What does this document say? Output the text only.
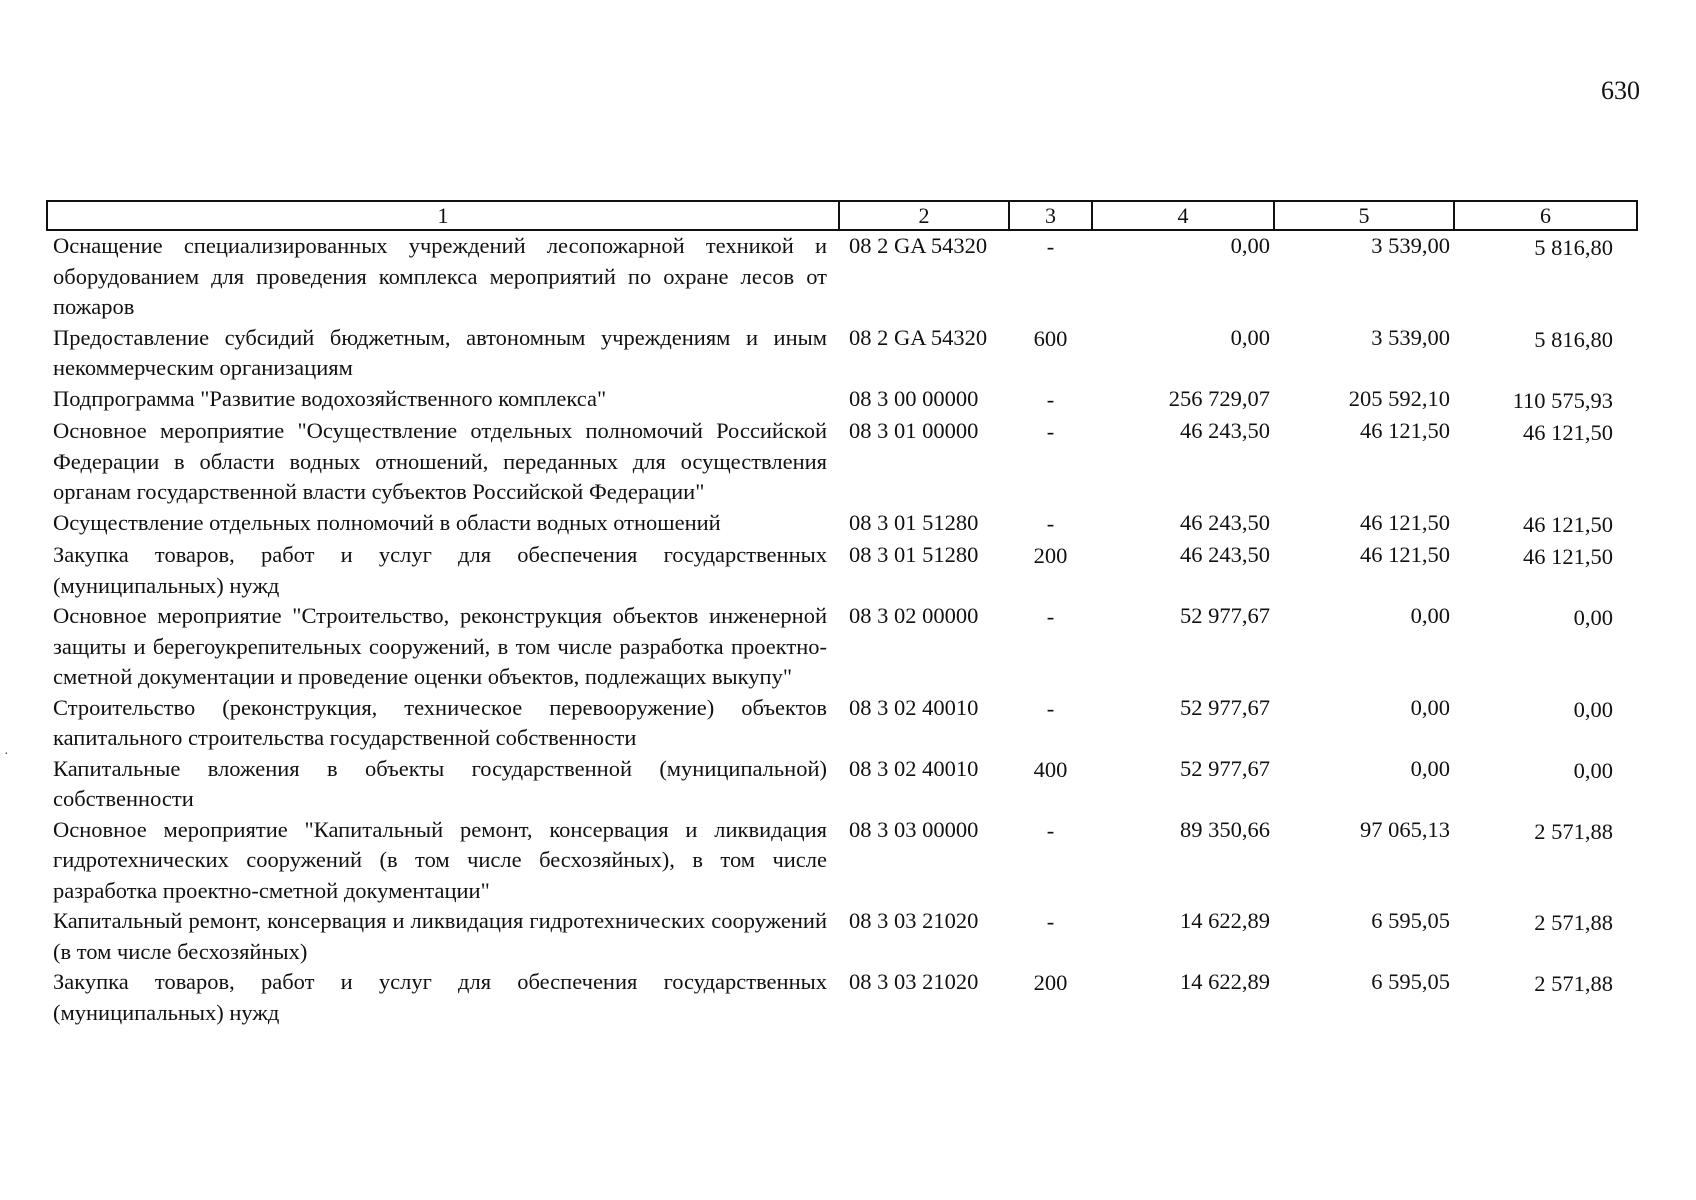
630
1	2	3	4	5	6
Оснащение специализированных учреждений лесопожарной техникой и оборудованием для проведения комплекса мероприятий по охране лесов от пожаров	08 2 GA 54320	-	0,00	3 539,00	5 816,80
Предоставление субсидий бюджетным, автономным учреждениям и иным некоммерческим организациям	08 2 GA 54320	600	0,00	3 539,00	5 816,80
Подпрограмма "Развитие водохозяйственного комплекса"	08 3 00 00000	-	256 729,07	205 592,10	110 575,93
Основное мероприятие "Осуществление отдельных полномочий Российской Федерации в области водных отношений, переданных для осуществления органам государственной власти субъектов Российской Федерации"	08 3 01 00000	-	46 243,50	46 121,50	46 121,50
Осуществление отдельных полномочий в области водных отношений	08 3 01 51280	-	46 243,50	46 121,50	46 121,50
Закупка товаров, работ и услуг для обеспечения государственных (муниципальных) нужд	08 3 01 51280	200	46 243,50	46 121,50	46 121,50
Основное мероприятие "Строительство, реконструкция объектов инженерной защиты и берегоукрепительных сооружений, в том числе разработка проектно-сметной документации и проведение оценки объектов, подлежащих выкупу"	08 3 02 00000	-	52 977,67	0,00	0,00
Строительство (реконструкция, техническое перевооружение) объектов капитального строительства государственной собственности	08 3 02 40010	-	52 977,67	0,00	0,00
Капитальные вложения в объекты государственной (муниципальной) собственности	08 3 02 40010	400	52 977,67	0,00	0,00
Основное мероприятие "Капитальный ремонт, консервация и ликвидация гидротехнических сооружений (в том числе бесхозяйных), в том числе разработка проектно-сметной документации"	08 3 03 00000	-	89 350,66	97 065,13	2 571,88
Капитальный ремонт, консервация и ликвидация гидротехнических сооружений (в том числе бесхозяйных)	08 3 03 21020	-	14 622,89	6 595,05	2 571,88
Закупка товаров, работ и услуг для обеспечения государственных (муниципальных) нужд	08 3 03 21020	200	14 622,89	6 595,05	2 571,88
·
